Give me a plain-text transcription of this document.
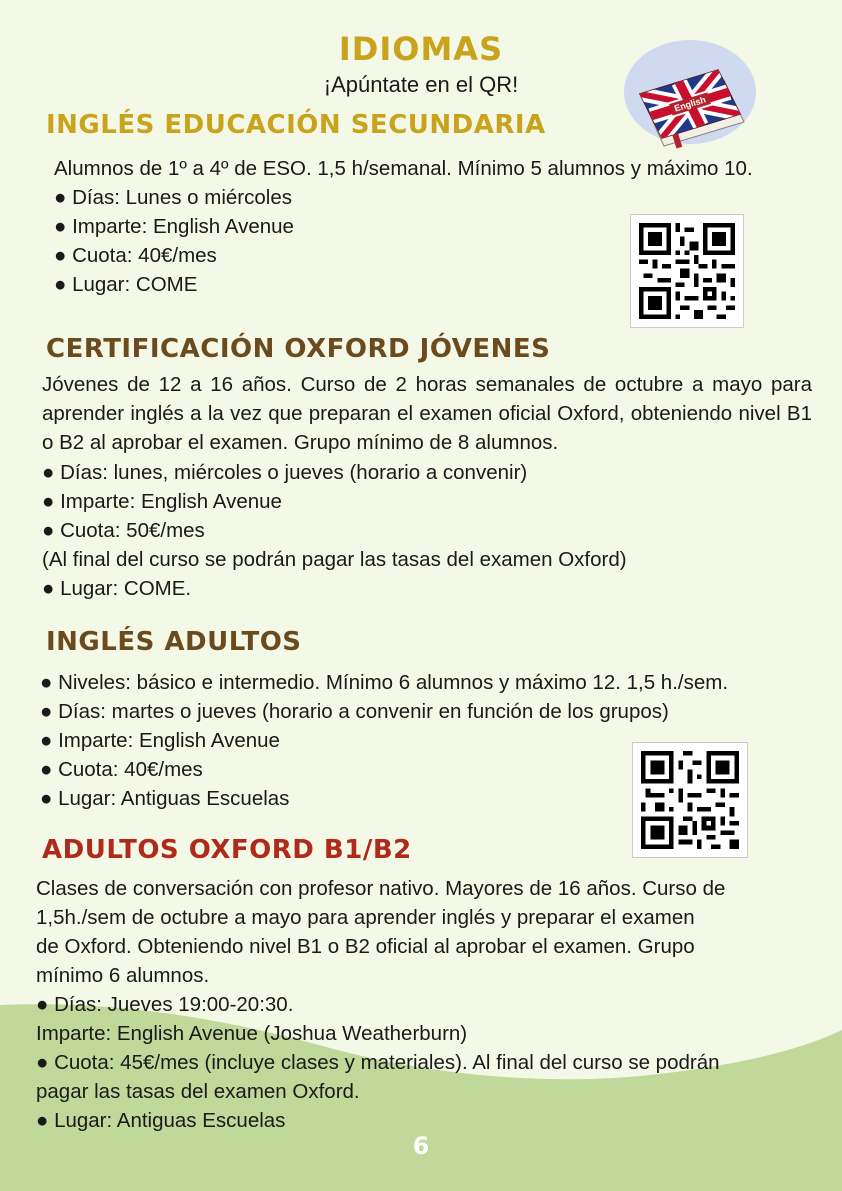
IDIOMAS
¡Apúntate en el QR!
English
INGLÉS EDUCACIÓN SECUNDARIA
Alumnos de 1º a 4º de ESO. 1,5 h/semanal. Mínimo 5 alumnos y máximo 10.
● Días: Lunes o miércoles
● Imparte: English Avenue
● Cuota: 40€/mes
● Lugar: COME
CERTIFICACIÓN OXFORD JÓVENES
Jóvenes de 12 a 16 años. Curso de 2 horas semanales de octubre a mayo para aprender inglés a la vez que preparan el examen oficial Oxford, obteniendo nivel B1 o B2 al aprobar el examen. Grupo mínimo de 8 alumnos.
● Días: lunes, miércoles o jueves (horario a convenir)
● Imparte: English Avenue
● Cuota: 50€/mes
(Al final del curso se podrán pagar las tasas del examen Oxford)
● Lugar: COME.
INGLÉS ADULTOS
● Niveles: básico e intermedio. Mínimo 6 alumnos y máximo 12. 1,5 h./sem.
● Días: martes o jueves (horario a convenir en función de los grupos)
● Imparte: English Avenue
● Cuota: 40€/mes
● Lugar: Antiguas Escuelas
ADULTOS OXFORD B1/B2
Clases de conversación con profesor nativo. Mayores de 16 años. Curso de
1,5h./sem de octubre a mayo para aprender inglés y preparar el examen
de Oxford. Obteniendo nivel B1 o B2 oficial al aprobar el examen. Grupo
mínimo 6 alumnos.
● Días: Jueves 19:00-20:30.
Imparte: English Avenue (Joshua Weatherburn)
● Cuota: 45€/mes (incluye clases y materiales). Al final del curso se podrán
pagar las tasas del examen Oxford.
● Lugar: Antiguas Escuelas
6
